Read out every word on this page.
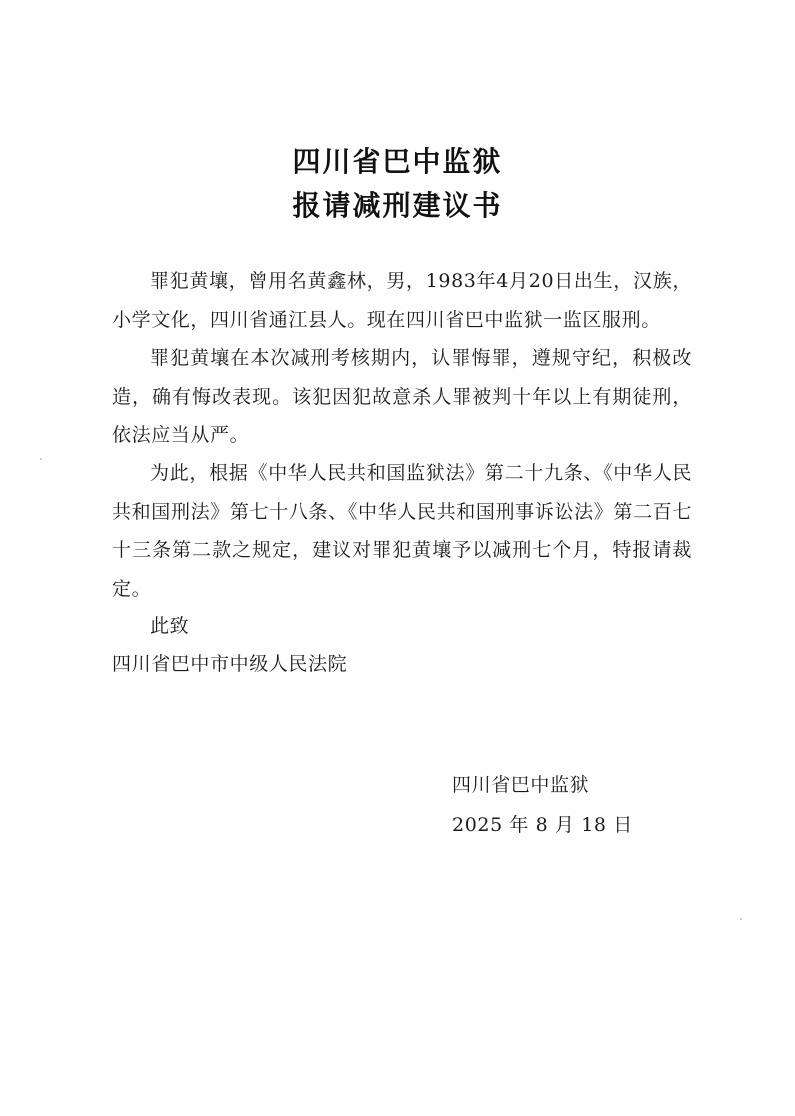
四川省巴中监狱
报请减刑建议书

罪犯黄壤，曾用名黄鑫林，男，1983年4月20日出生，汉族，小学文化，四川省通江县人。现在四川省巴中监狱一监区服刑。

罪犯黄壤在本次减刑考核期内，认罪悔罪，遵规守纪，积极改造，确有悔改表现。该犯因犯故意杀人罪被判十年以上有期徒刑，依法应当从严。

为此，根据《中华人民共和国监狱法》第二十九条、《中华人民共和国刑法》第七十八条、《中华人民共和国刑事诉讼法》第二百七十三条第二款之规定，建议对罪犯黄壤予以减刑七个月，特报请裁定。

此致

四川省巴中市中级人民法院
四川省巴中监狱
2025 年 8 月 18 日
